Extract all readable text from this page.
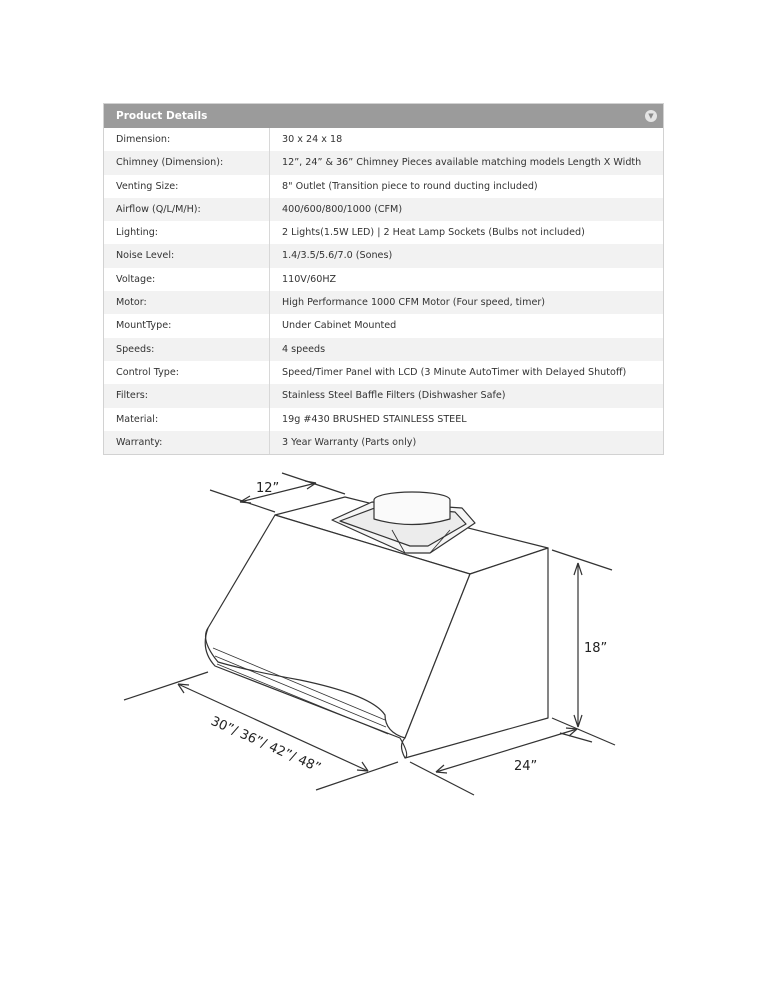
Product Details	▼
Dimension:	30 x 24 x 18
Chimney (Dimension):	12”, 24” & 36” Chimney Pieces available matching models Length X Width
Venting Size:	8" Outlet (Transition piece to round ducting included)
Airflow (Q/L/M/H):	400/600/800/1000 (CFM)
Lighting:	2 Lights(1.5W LED) | 2 Heat Lamp Sockets (Bulbs not included)
Noise Level:	1.4/3.5/5.6/7.0 (Sones)
Voltage:	110V/60HZ
Motor:	High Performance 1000 CFM Motor (Four speed, timer)
MountType:	Under Cabinet Mounted
Speeds:	4 speeds
Control Type:	Speed/Timer Panel with LCD (3 Minute AutoTimer with Delayed Shutoff)
Filters:	Stainless Steel Baffle Filters (Dishwasher Safe)
Material:	19g #430 BRUSHED STAINLESS STEEL
Warranty:	3 Year Warranty (Parts only)
12”
18”
30”/ 36”/ 42”/ 48”	24”
